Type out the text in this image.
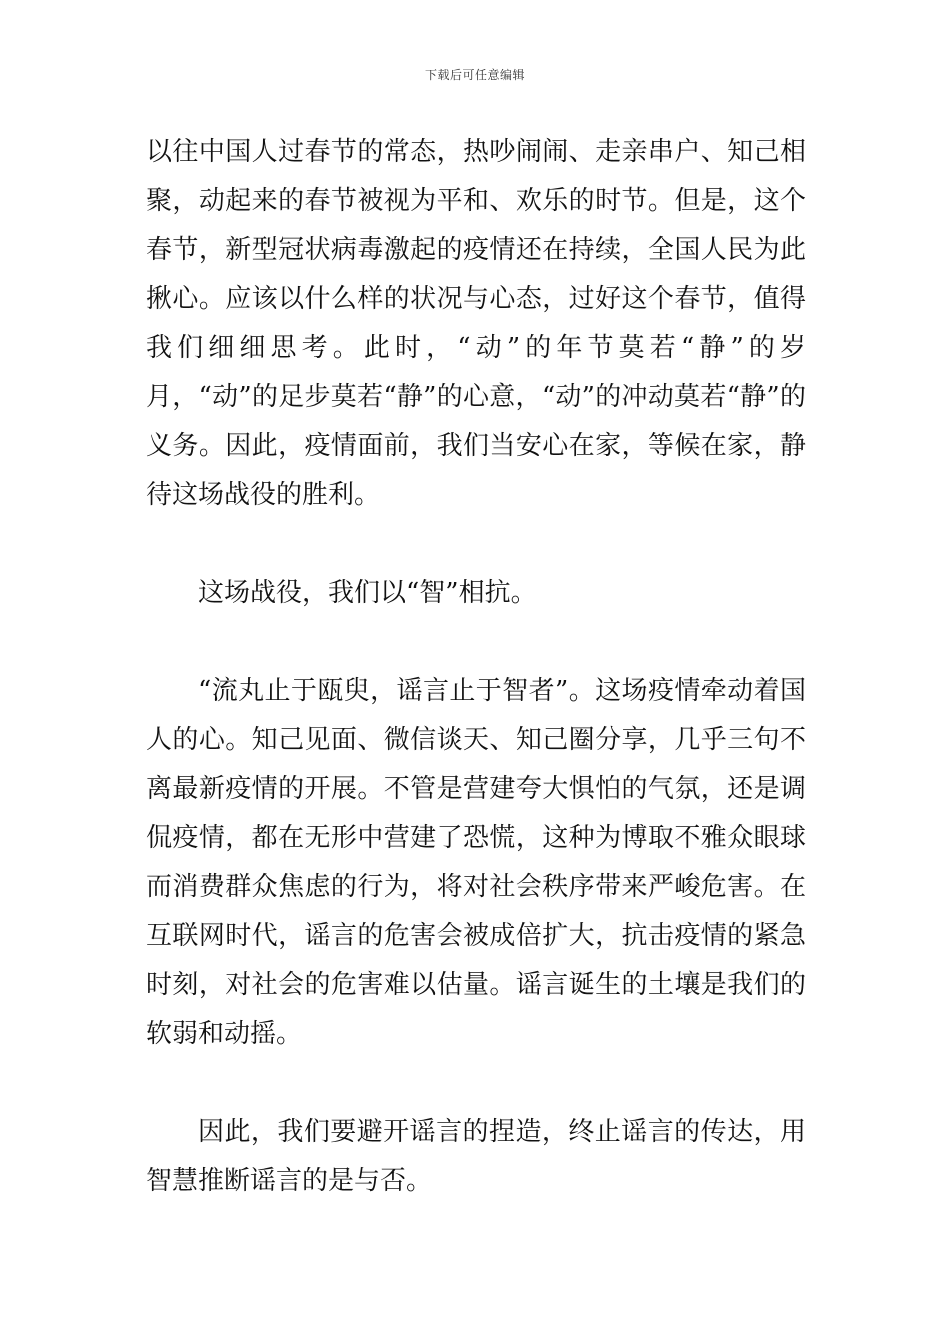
下载后可任意编辑

以往中国人过春节的常态，热吵闹闹、走亲串户、知己相聚，动起来的春节被视为平和、欢乐的时节。但是，这个春节，新型冠状病毒激起的疫情还在持续，全国人民为此揪心。应该以什么样的状况与心态，过好这个春节，值得我们细细思考。此时，“动”的年节莫若“静”的岁月，“动”的足步莫若“静”的心意，“动”的冲动莫若“静”的义务。因此，疫情面前，我们当安心在家，等候在家，静待这场战役的胜利。

这场战役，我们以“智”相抗。

“流丸止于瓯臾，谣言止于智者”。这场疫情牵动着国人的心。知己见面、微信谈天、知己圈分享，几乎三句不离最新疫情的开展。不管是营建夸大惧怕的气氛，还是调侃疫情，都在无形中营建了恐慌，这种为博取不雅众眼球而消费群众焦虑的行为，将对社会秩序带来严峻危害。在互联网时代，谣言的危害会被成倍扩大，抗击疫情的紧急时刻，对社会的危害难以估量。谣言诞生的土壤是我们的软弱和动摇。

因此，我们要避开谣言的捏造，终止谣言的传达，用智慧推断谣言的是与否。
